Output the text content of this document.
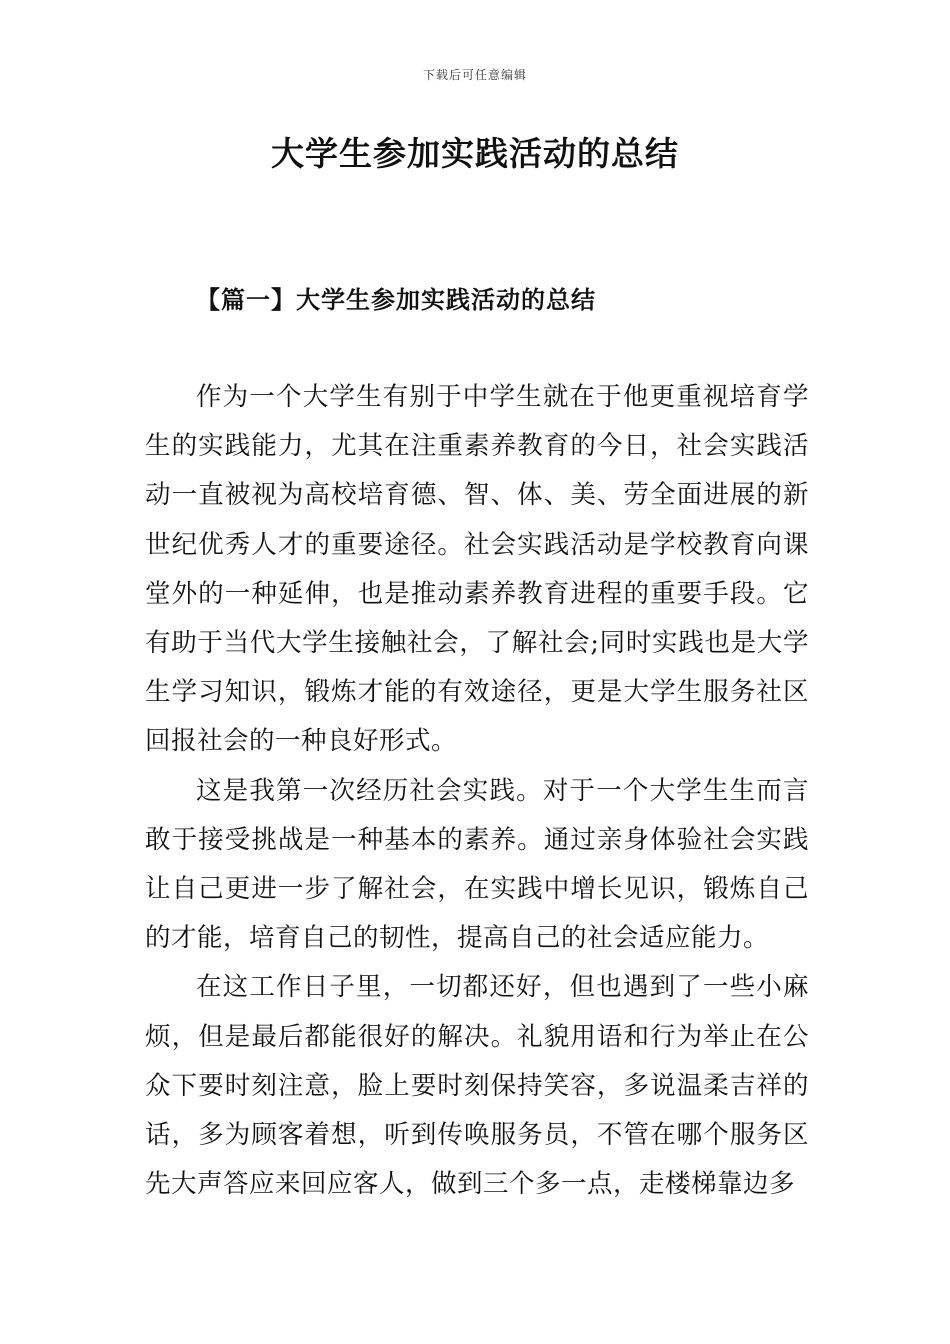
下载后可任意编辑
大学生参加实践活动的总结
【篇一】大学生参加实践活动的总结

作为一个大学生有别于中学生就在于他更重视培育学生的实践能力，尤其在注重素养教育的今日，社会实践活动一直被视为高校培育德、智、体、美、劳全面进展的新世纪优秀人才的重要途径。社会实践活动是学校教育向课堂外的一种延伸，也是推动素养教育进程的重要手段。它有助于当代大学生接触社会，了解社会;同时实践也是大学生学习知识，锻炼才能的有效途径，更是大学生服务社区回报社会的一种良好形式。

这是我第一次经历社会实践。对于一个大学生生而言敢于接受挑战是一种基本的素养。通过亲身体验社会实践让自己更进一步了解社会，在实践中增长见识，锻炼自己的才能，培育自己的韧性，提高自己的社会适应能力。

在这工作日子里，一切都还好，但也遇到了一些小麻烦，但是最后都能很好的解决。礼貌用语和行为举止在公众下要时刻注意，脸上要时刻保持笑容，多说温柔吉祥的话，多为顾客着想，听到传唤服务员，不管在哪个服务区先大声答应来回应客人，做到三个多一点，走楼梯靠边多
